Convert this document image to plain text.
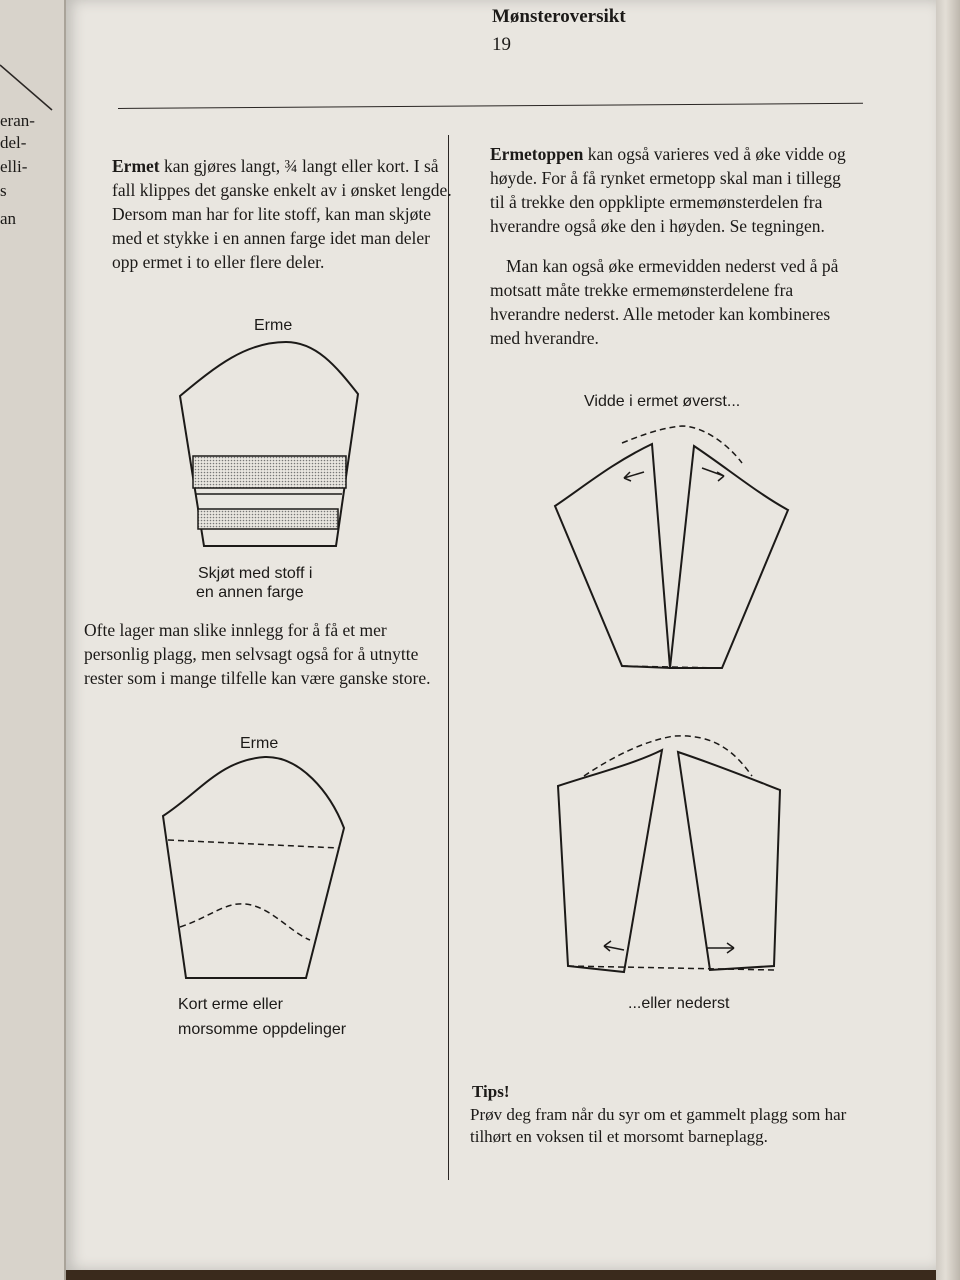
eran-
del-
elli-
s
an
Mønsteroversikt
19

Ermet kan gjøres langt, ¾ langt eller kort. I så fall klippes det ganske enkelt av i ønsket lengde. Dersom man har for lite stoff, kan man skjøte med et stykke i en annen farge idet man deler opp ermet i to eller flere deler.

Erme
Skjøt med stoff i
en annen farge

Ofte lager man slike innlegg for å få et mer personlig plagg, men selvsagt også for å utnytte rester som i mange tilfelle kan være ganske store.

Erme
Kort erme eller
morsomme oppdelinger

Ermetoppen kan også varieres ved å øke vidde og høyde. For å få rynket ermetopp skal man i tillegg til å trekke den oppklipte ermemønsterdelen fra hverandre også øke den i høyden. Se tegningen.

Man kan også øke ermevidden nederst ved å på motsatt måte trekke ermemønsterdelene fra hverandre nederst. Alle metoder kan kombineres med hverandre.

Vidde i ermet øverst...
...eller nederst
Tips!
Prøv deg fram når du syr om et gammelt plagg som har tilhørt en voksen til et morsomt barneplagg.
